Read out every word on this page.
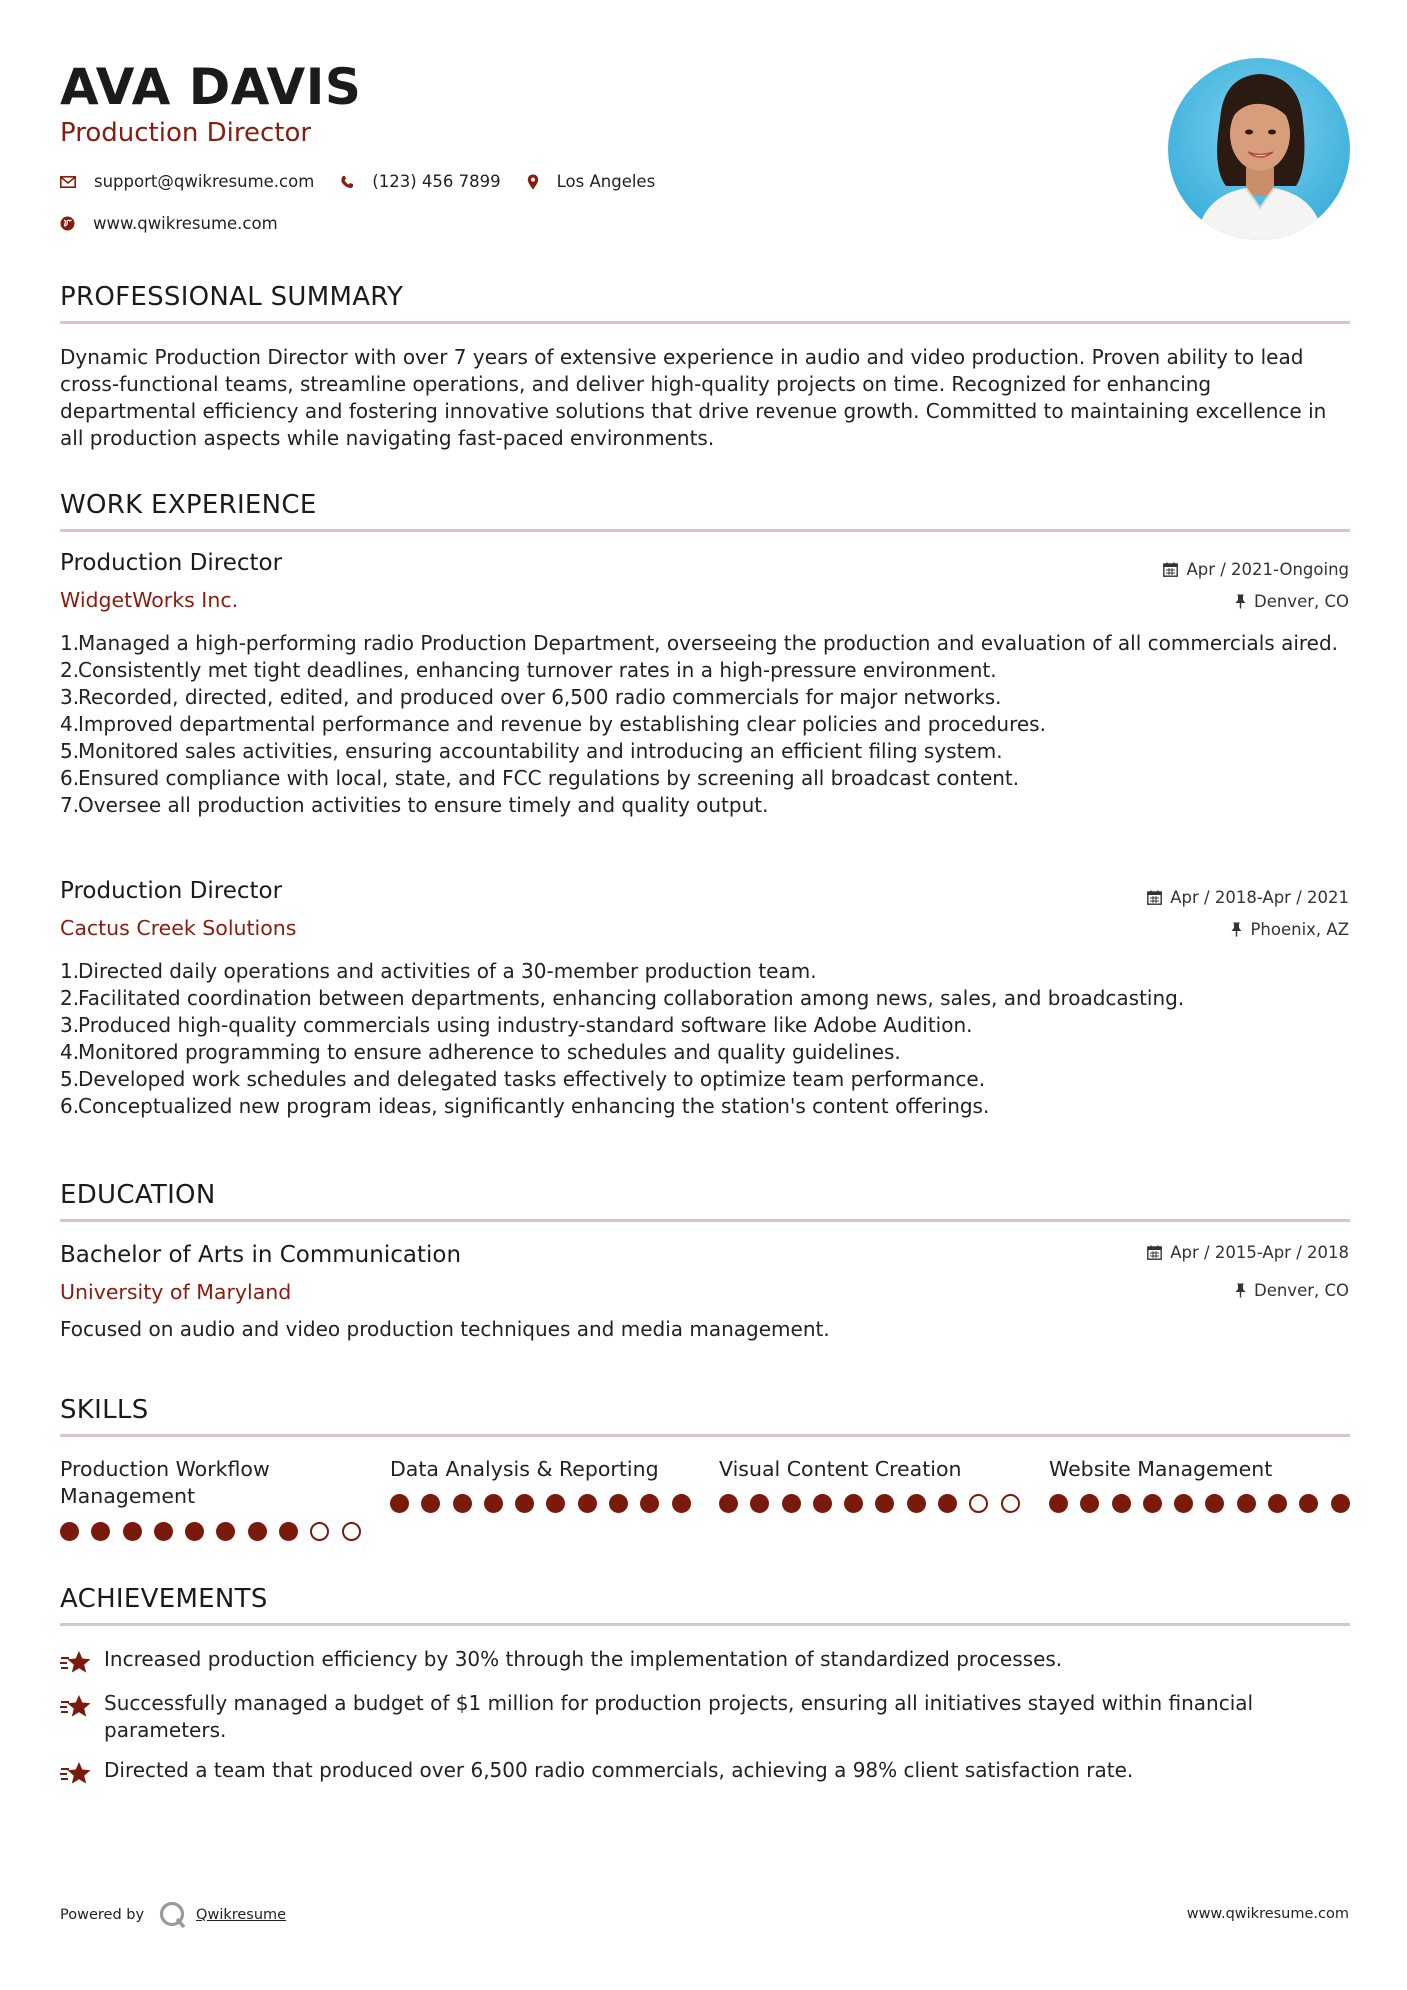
AVA DAVIS
Production Director
support@qwikresume.com	(123) 456 7899	Los Angeles
www.qwikresume.com
PROFESSIONAL SUMMARY
Dynamic Production Director with over 7 years of extensive experience in audio and video production. Proven ability to lead cross-functional teams, streamline operations, and deliver high-quality projects on time. Recognized for enhancing departmental efficiency and fostering innovative solutions that drive revenue growth. Committed to maintaining excellence in all production aspects while navigating fast-paced environments.
WORK EXPERIENCE
Production Director
WidgetWorks Inc.
Apr / 2021-Ongoing
Denver, CO
1.
Managed a high-performing radio Production Department, overseeing the production and evaluation of all commercials aired.
2.
Consistently met tight deadlines, enhancing turnover rates in a high-pressure environment.
3.
Recorded, directed, edited, and produced over 6,500 radio commercials for major networks.
4.
Improved departmental performance and revenue by establishing clear policies and procedures.
5.
Monitored sales activities, ensuring accountability and introducing an efficient filing system.
6.
Ensured compliance with local, state, and FCC regulations by screening all broadcast content.
7.
Oversee all production activities to ensure timely and quality output.
Production Director
Cactus Creek Solutions
Apr / 2018-Apr / 2021
Phoenix, AZ
1.
Directed daily operations and activities of a 30-member production team.
2.
Facilitated coordination between departments, enhancing collaboration among news, sales, and broadcasting.
3.
Produced high-quality commercials using industry-standard software like Adobe Audition.
4.
Monitored programming to ensure adherence to schedules and quality guidelines.
5.
Developed work schedules and delegated tasks effectively to optimize team performance.
6.
Conceptualized new program ideas, significantly enhancing the station's content offerings.
EDUCATION
Bachelor of Arts in Communication
University of Maryland
Apr / 2015-Apr / 2018
Denver, CO
Focused on audio and video production techniques and media management.
SKILLS
Production Workflow Management
Data Analysis & Reporting	Visual Content Creation	Website Management
ACHIEVEMENTS
Increased production efficiency by 30% through the implementation of standardized processes.
Successfully managed a budget of $1 million for production projects, ensuring all initiatives stayed within financial parameters.
Directed a team that produced over 6,500 radio commercials, achieving a 98% client satisfaction rate.
Powered by	Qwikresume	www.qwikresume.com
